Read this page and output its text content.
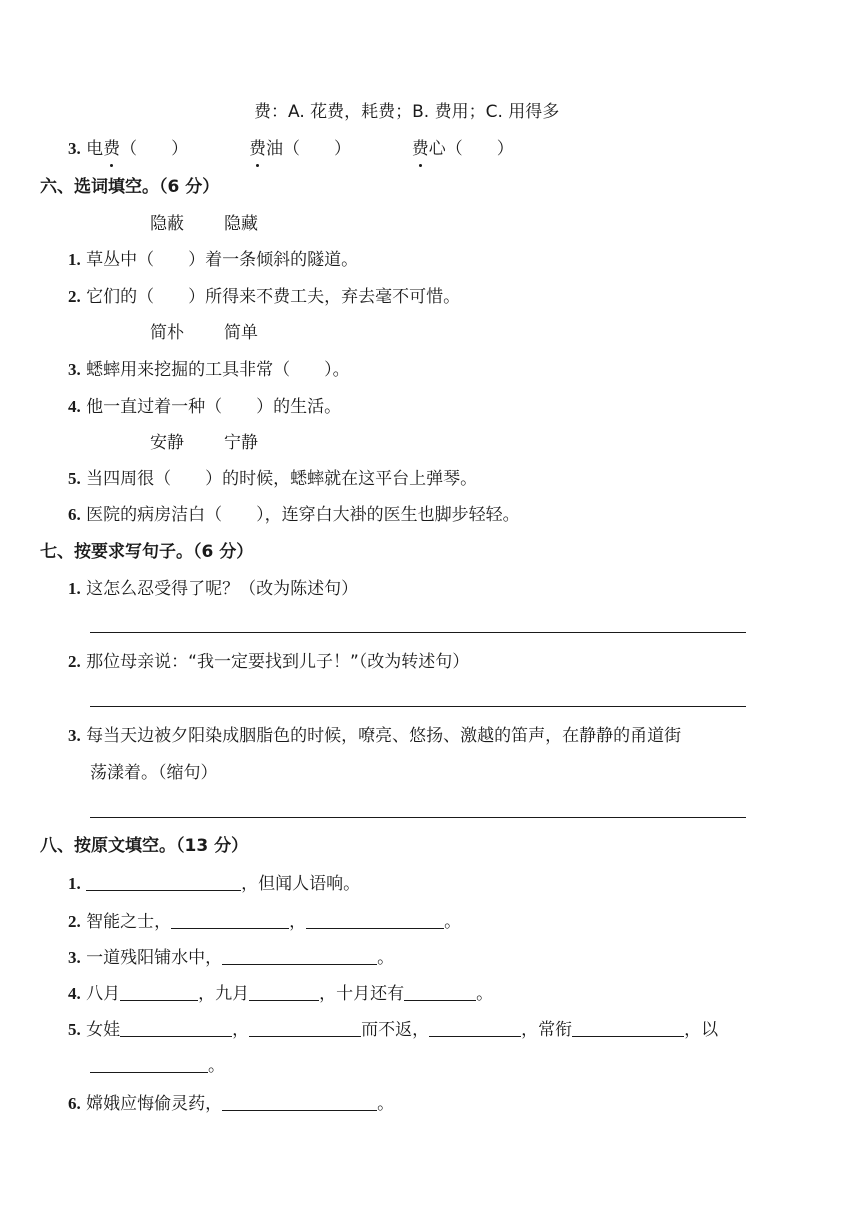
费：A. 花费，耗费；B. 费用；C. 用得多
3. 电费（　　）	费油（　　）	费心（　　）
六、选词填空。（6 分）
隐蔽 隐藏
1. 草丛中（　　）着一条倾斜的隧道。
2. 它们的（　　）所得来不费工夫，弃去毫不可惜。
简朴 简单
3. 蟋蟀用来挖掘的工具非常（　　）。
4. 他一直过着一种（　　）的生活。
安静 宁静
5. 当四周很（　　）的时候，蟋蟀就在这平台上弹琴。
6. 医院的病房洁白（　　），连穿白大褂的医生也脚步轻轻。
七、按要求写句子。（6 分）
1. 这怎么忍受得了呢？（改为陈述句）
2. 那位母亲说：“我一定要找到儿子！”（改为转述句）
3. 每当天边被夕阳染成胭脂色的时候，嘹亮、悠扬、激越的笛声，在静静的甬道街
荡漾着。（缩句）
八、按原文填空。（13 分）
1.	，但闻人语响。
2. 智能之士，	，	。
3. 一道残阳铺水中，	。
4. 八月	，九月	，十月还有	。
5. 女娃	，	而不返，	，常衔	，以
。
6. 嫦娥应悔偷灵药，	。
